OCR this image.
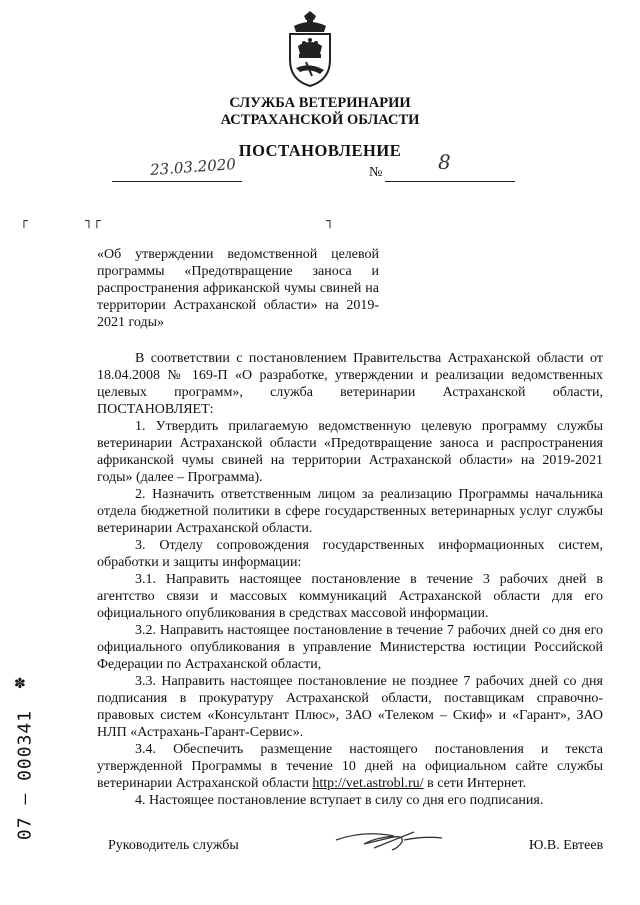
СЛУЖБА ВЕТЕРИНАРИИ
АСТРАХАНСКОЙ ОБЛАСТИ
ПОСТАНОВЛЕНИЕ
23.03.2020	№	8
┌	┐┌	┐
«Об утверждении ведомственной целевой программы «Предотвращение заноса и распространения африканской чумы свиней на территории Астраханской области» на 2019-2021 годы»

В соответствии с постановлением Правительства Астраханской области от 18.04.2008 № 169-П «О разработке, утверждении и реализации ведомственных целевых программ», служба ветеринарии Астраханской области, ПОСТАНОВЛЯЕТ:

1. Утвердить прилагаемую ведомственную целевую программу службы ветеринарии Астраханской области «Предотвращение заноса и распространения африканской чумы свиней на территории Астраханской области» на 2019-2021 годы» (далее – Программа).

2. Назначить ответственным лицом за реализацию Программы начальника отдела бюджетной политики в сфере государственных ветеринарных услуг службы ветеринарии Астраханской области.

3. Отделу сопровождения государственных информационных систем, обработки и защиты информации:

3.1. Направить настоящее постановление в течение 3 рабочих дней в агентство связи и массовых коммуникаций Астраханской области для его официального опубликования в средствах массовой информации.

3.2. Направить настоящее постановление в течение 7 рабочих дней со дня его официального опубликования в управление Министерства юстиции Российской Федерации по Астраханской области,

3.3. Направить настоящее постановление не позднее 7 рабочих дней со дня подписания в прокуратуру Астраханской области, поставщикам справочно-правовых систем «Консультант Плюс», ЗАО «Телеком – Скиф» и «Гарант», ЗАО НЛП «Астрахань-Гарант-Сервис».

3.4. Обеспечить размещение настоящего постановления и текста утвержденной Программы в течение 10 дней на официальном сайте службы ветеринарии Астраханской области http://vet.astrobl.ru/ в сети Интернет.

4. Настоящее постановление вступает в силу со дня его подписания.

Руководитель службы	Ю.В. Евтеев
✽
07 – 000341
